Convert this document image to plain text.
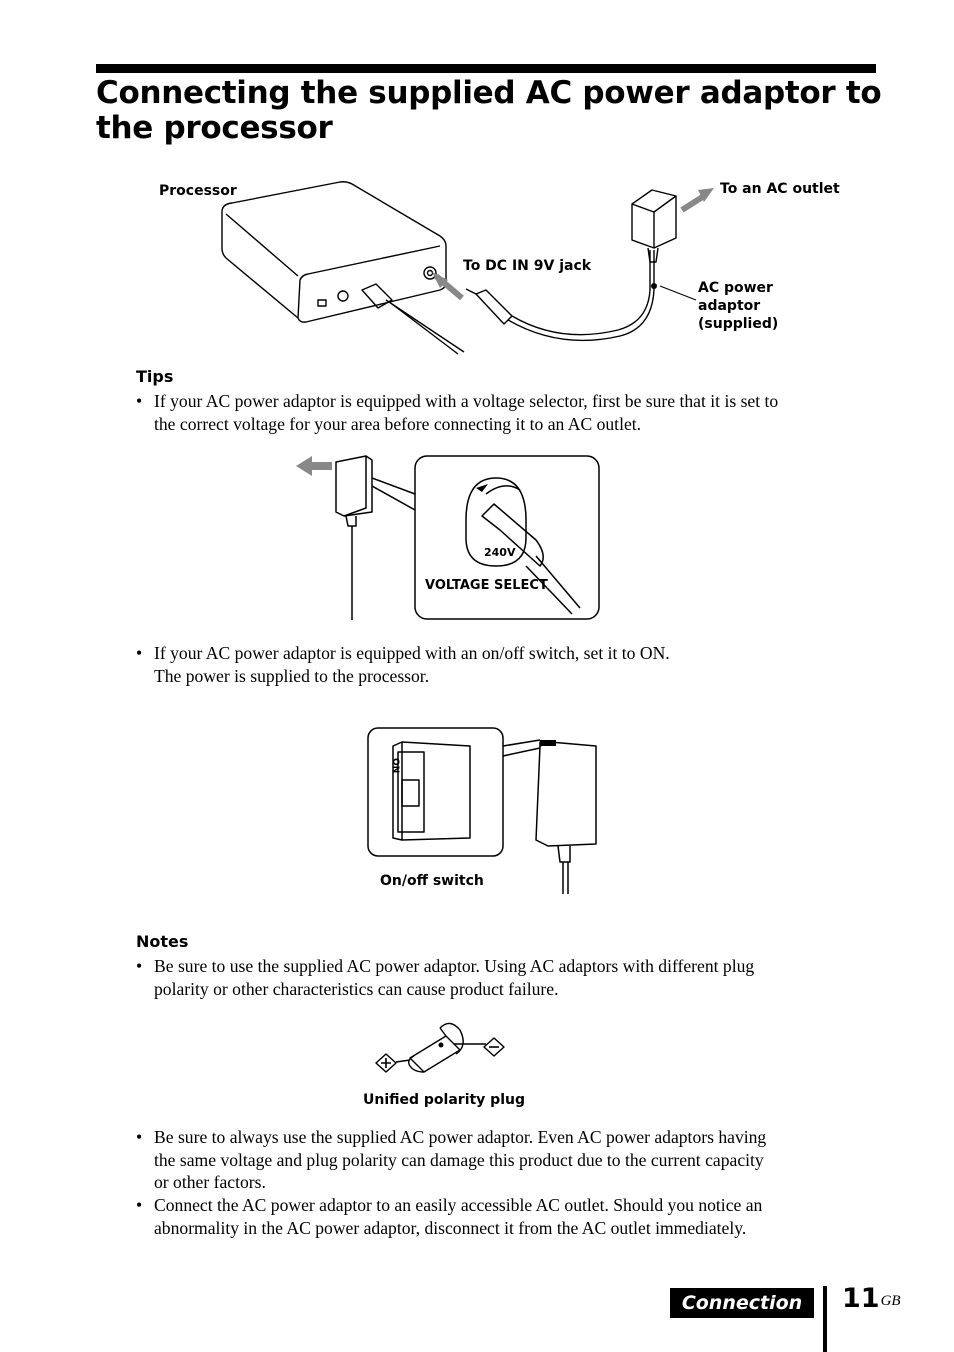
Connecting the supplied AC power adaptor to the processor
Processor	To an AC outlet
To DC IN 9V jack
AC power
adaptor
(supplied)
Tips
• If your AC power adaptor is equipped with a voltage selector, first be sure that it is set to
the correct voltage for your area before connecting it to an AC outlet.
240V
VOLTAGE SELECT
• If your AC power adaptor is equipped with an on/off switch, set it to ON.
The power is supplied to the processor.
ON
On/off switch
Notes
• Be sure to use the supplied AC power adaptor. Using AC adaptors with different plug
polarity or other characteristics can cause product failure.
Unified polarity plug
• Be sure to always use the supplied AC power adaptor. Even AC power adaptors having
the same voltage and plug polarity can damage this product due to the current capacity
or other factors.
• Connect the AC power adaptor to an easily accessible AC outlet. Should you notice an
abnormality in the AC power adaptor, disconnect it from the AC outlet immediately.
Connection	$11^{GB}$
